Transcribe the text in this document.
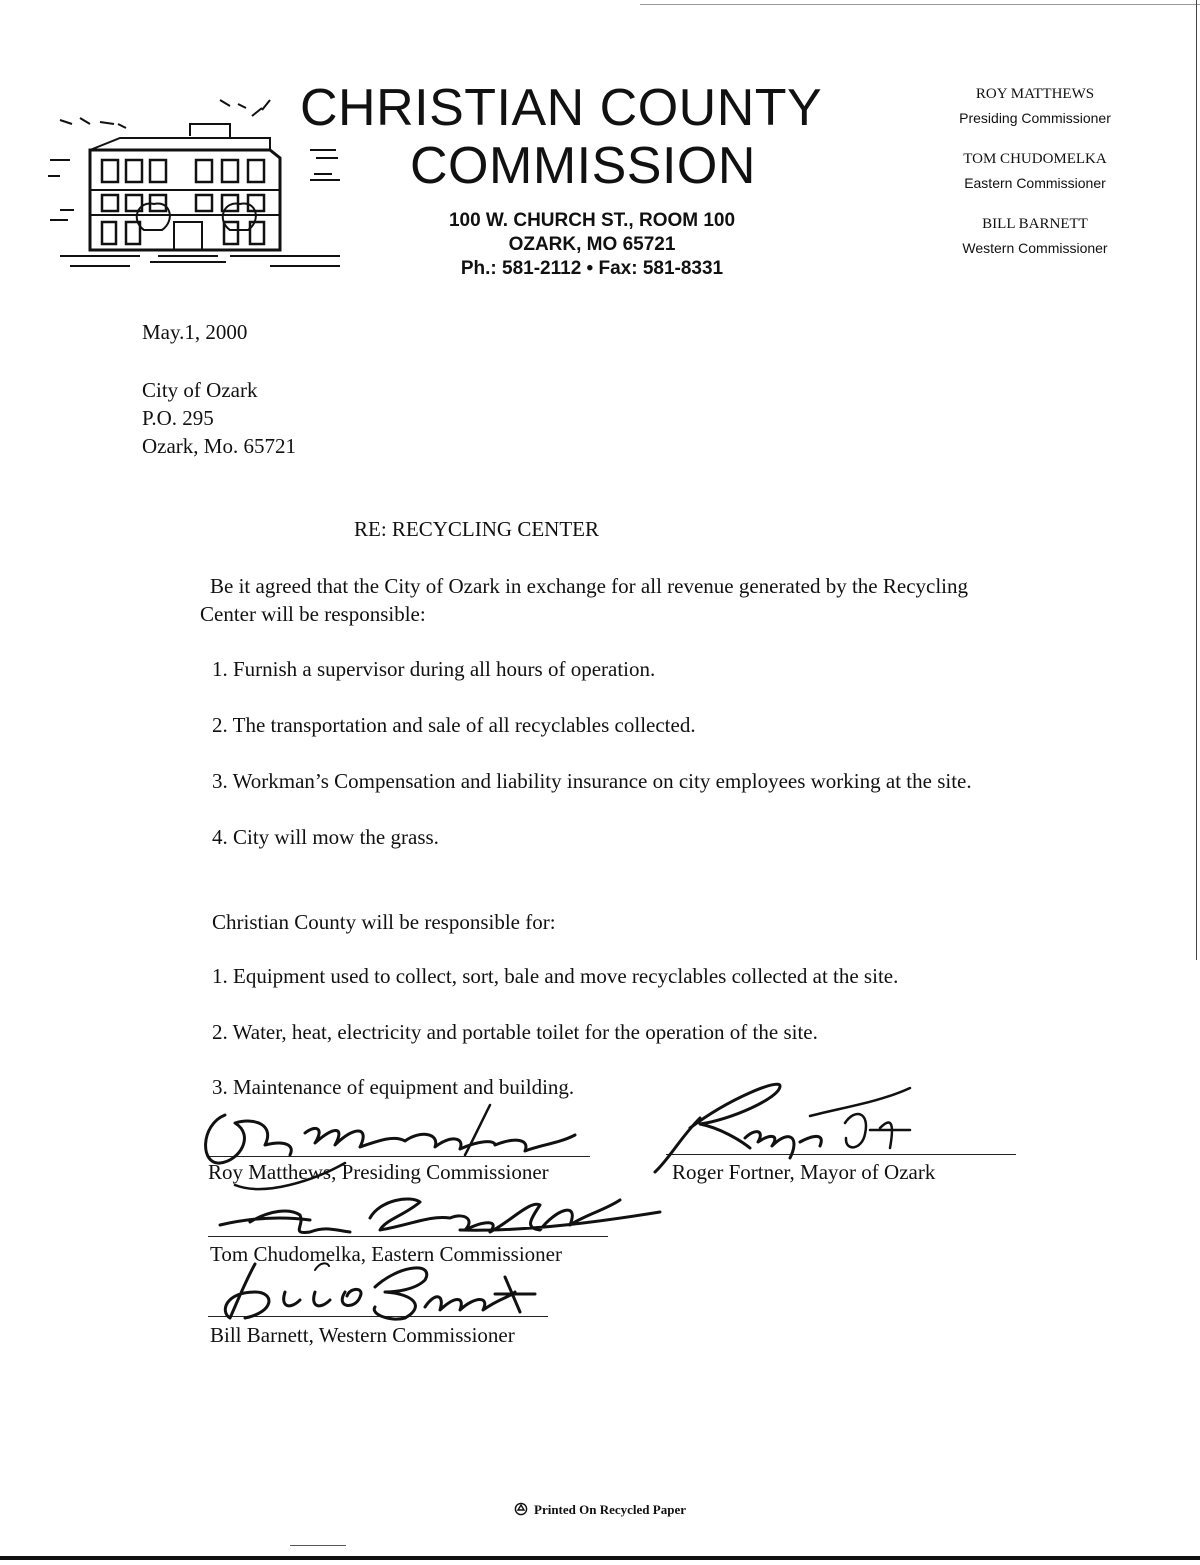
CHRISTIAN COUNTY
COMMISSION
100 W. CHURCH ST., ROOM 100
OZARK, MO 65721
Ph.: 581-2112 • Fax: 581-8331
ROY MATTHEWS
Presiding Commissioner
TOM CHUDOMELKA
Eastern Commissioner
BILL BARNETT
Western Commissioner
May.1, 2000
City of Ozark
P.O. 295
Ozark, Mo. 65721
RE: RECYCLING CENTER
Be it agreed that the City of Ozark in exchange for all revenue generated by the Recycling
Center will be responsible:
1. Furnish a supervisor during all hours of operation.
2. The transportation and sale of all recyclables collected.
3. Workman’s Compensation and liability insurance on city employees working at the site.
4. City will mow the grass.
Christian County will be responsible for:
1. Equipment used to collect, sort, bale and move recyclables collected at the site.
2. Water, heat, electricity and portable toilet for the operation of the site.
3. Maintenance of equipment and building.
Roy Matthews, Presiding Commissioner	Roger Fortner, Mayor of Ozark
Tom Chudomelka, Eastern Commissioner
Bill Barnett, Western Commissioner
Printed On Recycled Paper
